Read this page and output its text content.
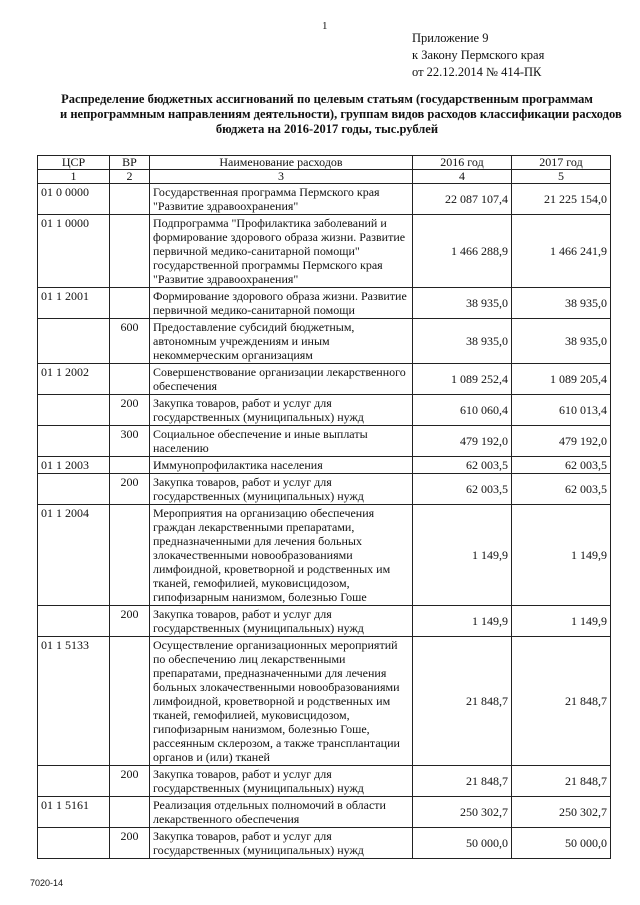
1
Приложение 9
к Закону Пермского края
от 22.12.2014 № 414-ПК
Распределение бюджетных ассигнований по целевым статьям (государственным программам
и непрограммным направлениям деятельности), группам видов расходов классификации расходов
бюджета на 2016-2017 годы, тыс.рублей
ЦСР	ВР	Наименование расходов	2016 год	2017 год
1	2	3	4	5
01 0 0000		Государственная программа Пермского края "Развитие здравоохранения"	22 087 107,4	21 225 154,0
01 1 0000		Подпрограмма "Профилактика заболеваний и формирование здорового образа жизни. Развитие первичной медико-санитарной помощи" государственной программы Пермского края "Развитие здравоохранения"	1 466 288,9	1 466 241,9
01 1 2001		Формирование здорового образа жизни. Развитие первичной медико-санитарной помощи	38 935,0	38 935,0
	600	Предоставление субсидий бюджетным, автономным учреждениям и иным некоммерческим организациям	38 935,0	38 935,0
01 1 2002		Совершенствование организации лекарственного обеспечения	1 089 252,4	1 089 205,4
	200	Закупка товаров, работ и услуг для государственных (муниципальных) нужд	610 060,4	610 013,4
	300	Социальное обеспечение и иные выплаты населению	479 192,0	479 192,0
01 1 2003		Иммунопрофилактика населения	62 003,5	62 003,5
	200	Закупка товаров, работ и услуг для государственных (муниципальных) нужд	62 003,5	62 003,5
01 1 2004		Мероприятия на организацию обеспечения граждан лекарственными препаратами, предназначенными для лечения больных злокачественными новообразованиями лимфоидной, кроветворной и родственных им тканей, гемофилией, муковисцидозом, гипофизарным нанизмом, болезнью Гоше	1 149,9	1 149,9
	200	Закупка товаров, работ и услуг для государственных (муниципальных) нужд	1 149,9	1 149,9
01 1 5133		Осуществление организационных мероприятий по обеспечению лиц лекарственными препаратами, предназначенными для лечения больных злокачественными новообразованиями лимфоидной, кроветворной и родственных им тканей, гемофилией, муковисцидозом, гипофизарным нанизмом, болезнью Гоше, рассеянным склерозом, а также трансплантации органов и (или) тканей	21 848,7	21 848,7
	200	Закупка товаров, работ и услуг для государственных (муниципальных) нужд	21 848,7	21 848,7
01 1 5161		Реализация отдельных полномочий в области лекарственного обеспечения	250 302,7	250 302,7
	200	Закупка товаров, работ и услуг для государственных (муниципальных) нужд	50 000,0	50 000,0
7020-14
